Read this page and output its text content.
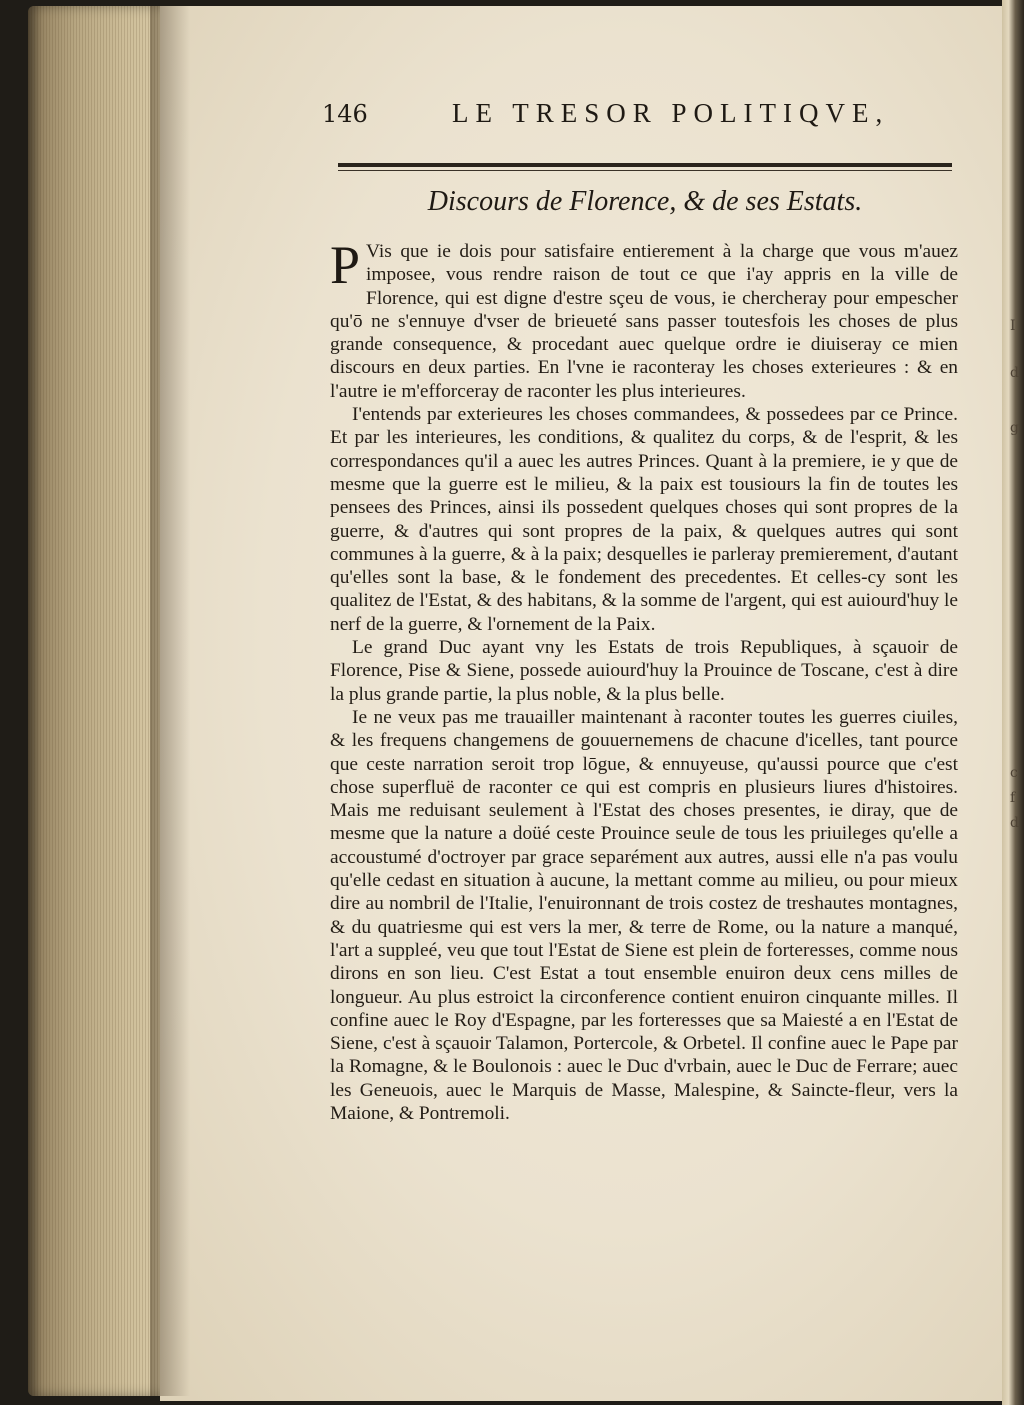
I
d
g
c
f
d
146	LE TRESOR POLITIQVE,
Discours de Florence, & de ses Estats.

P Vis que ie dois pour satisfaire entierement à la charge que vous m'auez imposee, vous rendre raison de tout ce que i'ay appris en la ville de Florence, qui est digne d'estre sçeu de vous, ie chercheray pour empescher qu'ō ne s'ennuye d'vser de brieueté sans passer toutesfois les choses de plus grande consequence, & procedant auec quelque ordre ie diuiseray ce mien discours en deux parties. En l'vne ie raconteray les choses exterieures : & en l'autre ie m'efforceray de raconter les plus interieures.

I'entends par exterieures les choses commandees, & possedees par ce Prince. Et par les interieures, les conditions, & qualitez du corps, & de l'esprit, & les correspondances qu'il a auec les autres Princes. Quant à la premiere, ie y que de mesme que la guerre est le milieu, & la paix est tousiours la fin de toutes les pensees des Princes, ainsi ils possedent quelques choses qui sont propres de la guerre, & d'autres qui sont propres de la paix, & quelques autres qui sont communes à la guerre, & à la paix; desquelles ie parleray premierement, d'autant qu'elles sont la base, & le fondement des precedentes. Et celles-cy sont les qualitez de l'Estat, & des habitans, & la somme de l'argent, qui est auiourd'huy le nerf de la guerre, & l'ornement de la Paix.

Le grand Duc ayant vny les Estats de trois Republiques, à sçauoir de Florence, Pise & Siene, possede auiourd'huy la Prouince de Toscane, c'est à dire la plus grande partie, la plus noble, & la plus belle.

Ie ne veux pas me trauailler maintenant à raconter toutes les guerres ciuiles, & les frequens changemens de gouuernemens de chacune d'icelles, tant pource que ceste narration seroit trop lōgue, & ennuyeuse, qu'aussi pource que c'est chose superfluë de raconter ce qui est compris en plusieurs liures d'histoires. Mais me reduisant seulement à l'Estat des choses presentes, ie diray, que de mesme que la nature a doüé ceste Prouince seule de tous les priuileges qu'elle a accoustumé d'octroyer par grace separément aux autres, aussi elle n'a pas voulu qu'elle cedast en situation à aucune, la mettant comme au milieu, ou pour mieux dire au nombril de l'Italie, l'enuironnant de trois costez de treshautes montagnes, & du quatriesme qui est vers la mer, & terre de Rome, ou la nature a manqué, l'art a suppleé, veu que tout l'Estat de Siene est plein de forteresses, comme nous dirons en son lieu. C'est Estat a tout ensemble enuiron deux cens milles de longueur. Au plus estroict la circonference contient enuiron cinquante milles. Il confine auec le Roy d'Espagne, par les forteresses que sa Maiesté a en l'Estat de Siene, c'est à sçauoir Talamon, Portercole, & Orbetel. Il confine auec le Pape par la Romagne, & le Boulonois : auec le Duc d'vrbain, auec le Duc de Ferrare; auec les Geneuois, auec le Marquis de Masse, Malespine, & Saincte-fleur, vers la Maione, & Pontremoli.
